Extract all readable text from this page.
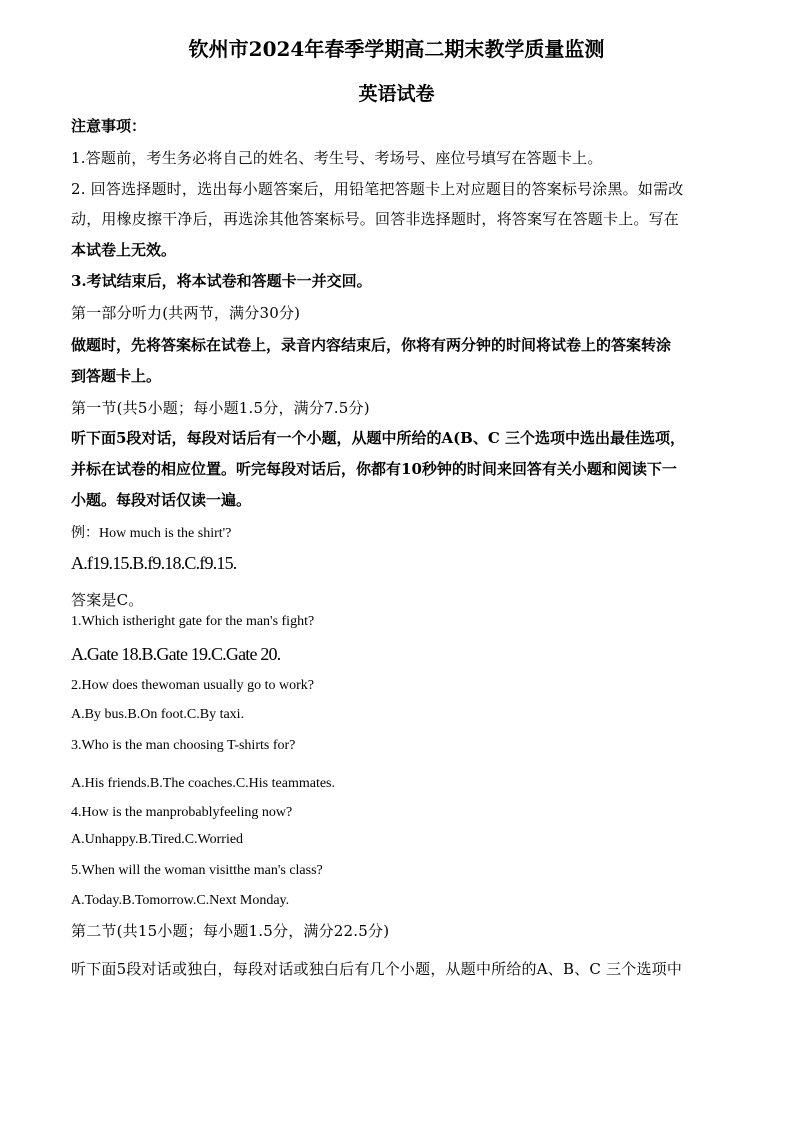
钦州市2024年春季学期高二期末教学质量监测

英语试卷

注意事项：

1.答题前，考生务必将自己的姓名、考生号、考场号、座位号填写在答题卡上。

2. 回答选择题时，选出每小题答案后，用铅笔把答题卡上对应题目的答案标号涂黑。如需改

动，用橡皮擦干净后，再选涂其他答案标号。回答非选择题时，将答案写在答题卡上。写在

本试卷上无效。

3.考试结束后，将本试卷和答题卡一并交回。

第一部分听力(共两节，满分30分)

做题时，先将答案标在试卷上，录音内容结束后，你将有两分钟的时间将试卷上的答案转涂

到答题卡上。

第一节(共5小题；每小题1.5分，满分7.5分)

听下面5段对话，每段对话后有一个小题，从题中所给的A(B、C 三个选项中选出最佳选项，

并标在试卷的相应位置。听完每段对话后，你都有10秒钟的时间来回答有关小题和阅读下一

小题。每段对话仅读一遍。

例：How much is the shirt'?

A.f19.15.B.f9.18.C.f9.15.

答案是C。

1.Which istheright gate for the man's fight?

A.Gate 18.B.Gate 19.C.Gate 20.

2.How does thewoman usually go to work?

A.By bus.B.On foot.C.By taxi.

3.Who is the man choosing T-shirts for?

A.His friends.B.The coaches.C.His teammates.

4.How is the manprobablyfeeling now?

A.Unhappy.B.Tired.C.Worried

5.When will the woman visitthe man's class?

A.Today.B.Tomorrow.C.Next Monday.

第二节(共15小题；每小题1.5分，满分22.5分)

听下面5段对话或独白，每段对话或独白后有几个小题，从题中所给的A、B、C 三个选项中
